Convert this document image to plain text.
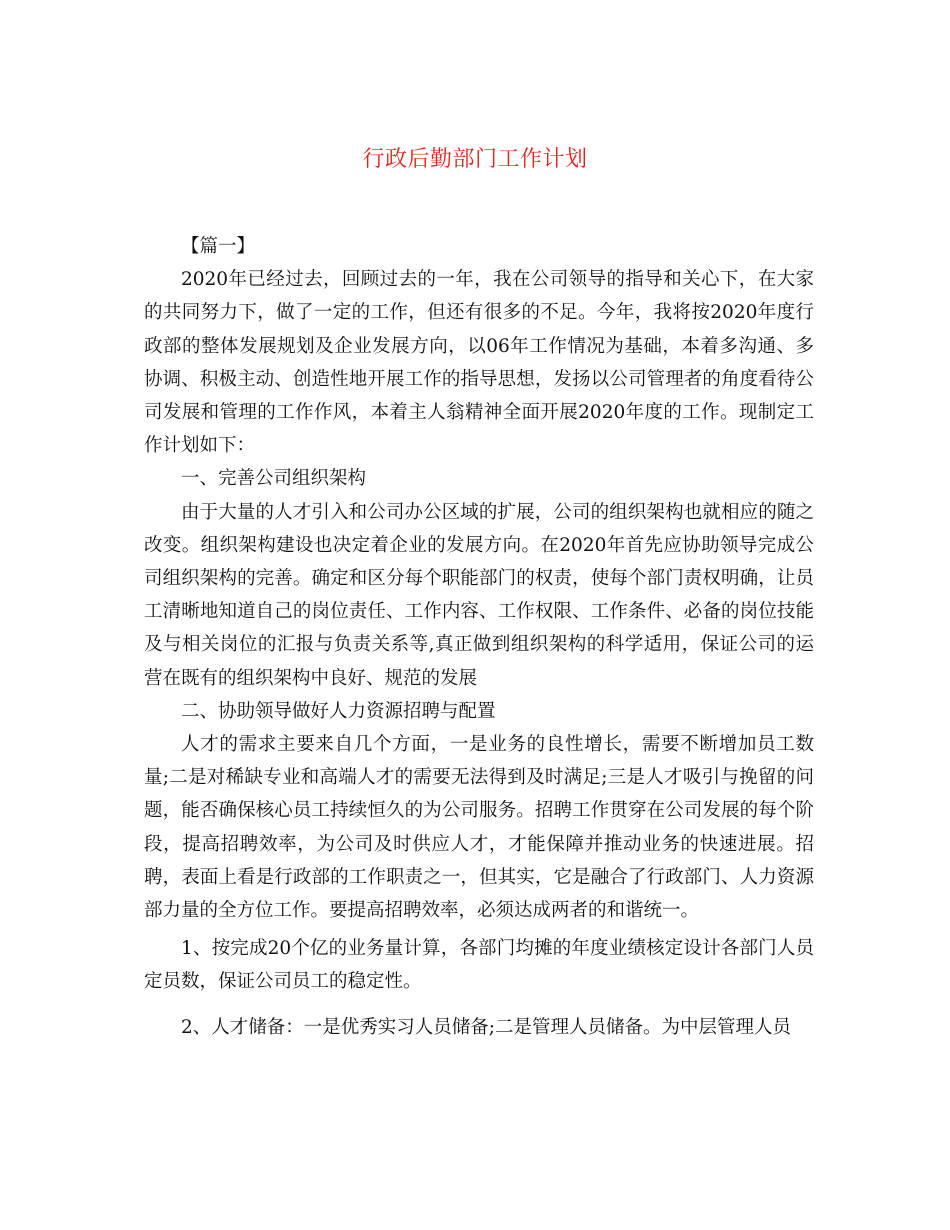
行政后勤部门工作计划

【篇一】

2020年已经过去，回顾过去的一年，我在公司领导的指导和关心下，在大家的共同努力下，做了一定的工作，但还有很多的不足。今年，我将按2020年度行政部的整体发展规划及企业发展方向，以06年工作情况为基础，本着多沟通、多协调、积极主动、创造性地开展工作的指导思想，发扬以公司管理者的角度看待公司发展和管理的工作作风，本着主人翁精神全面开展2020年度的工作。现制定工作计划如下：

一、完善公司组织架构

由于大量的人才引入和公司办公区域的扩展，公司的组织架构也就相应的随之改变。组织架构建设也决定着企业的发展方向。在2020年首先应协助领导完成公司组织架构的完善。确定和区分每个职能部门的权责，使每个部门责权明确，让员工清晰地知道自己的岗位责任、工作内容、工作权限、工作条件、必备的岗位技能及与相关岗位的汇报与负责关系等,真正做到组织架构的科学适用，保证公司的运营在既有的组织架构中良好、规范的发展

二、协助领导做好人力资源招聘与配置

人才的需求主要来自几个方面，一是业务的良性增长，需要不断增加员工数量;二是对稀缺专业和高端人才的需要无法得到及时满足;三是人才吸引与挽留的问题，能否确保核心员工持续恒久的为公司服务。招聘工作贯穿在公司发展的每个阶段，提高招聘效率，为公司及时供应人才，才能保障并推动业务的快速进展。招聘，表面上看是行政部的工作职责之一，但其实，它是融合了行政部门、人力资源部力量的全方位工作。要提高招聘效率，必须达成两者的和谐统一。

1、按完成20个亿的业务量计算，各部门均摊的年度业绩核定设计各部门人员定员数，保证公司员工的稳定性。

2、人才储备：一是优秀实习人员储备;二是管理人员储备。为中层管理人员
